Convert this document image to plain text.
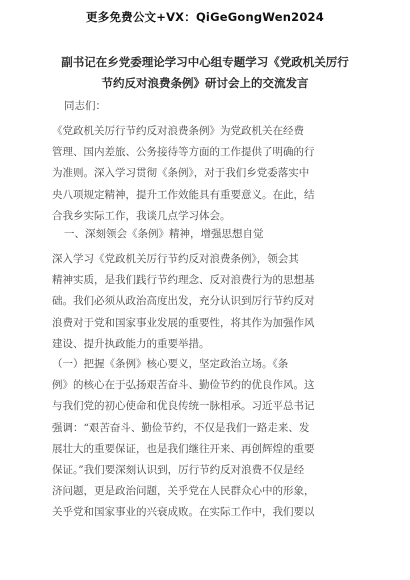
更多免费公文+VX：QiGeGongWen2024
副书记在乡党委理论学习中心组专题学习《党政机关厉行
节约反对浪费条例》研讨会上的交流发言
同志们：
《党政机关厉行节约反对浪费条例》为党政机关在经费
管理、国内差旅、公务接待等方面的工作提供了明确的行
为准则。深入学习贯彻《条例》，对于我们乡党委落实中
央八项规定精神，提升工作效能具有重要意义。在此，结
合我乡实际工作，我谈几点学习体会。
一、深刻领会《条例》精神，增强思想自觉
深入学习《党政机关厉行节约反对浪费条例》，领会其
精神实质，是我们践行节约理念、反对浪费行为的思想基
础。我们必须从政治高度出发，充分认识到厉行节约反对
浪费对于党和国家事业发展的重要性，将其作为加强作风
建设、提升执政能力的重要举措。
（一）把握《条例》核心要义，坚定政治立场。《条
例》的核心在于弘扬艰苦奋斗、勤俭节约的优良作风。这
与我们党的初心使命和优良传统一脉相承。习近平总书记
强调：“艰苦奋斗、勤俭节约，不仅是我们一路走来、发
展壮大的重要保证，也是我们继往开来、再创辉煌的重要
保证。”我们要深刻认识到，厉行节约反对浪费不仅是经
济问题，更是政治问题，关乎党在人民群众心中的形象，
关乎党和国家事业的兴衰成败。在实际工作中，我们要以
